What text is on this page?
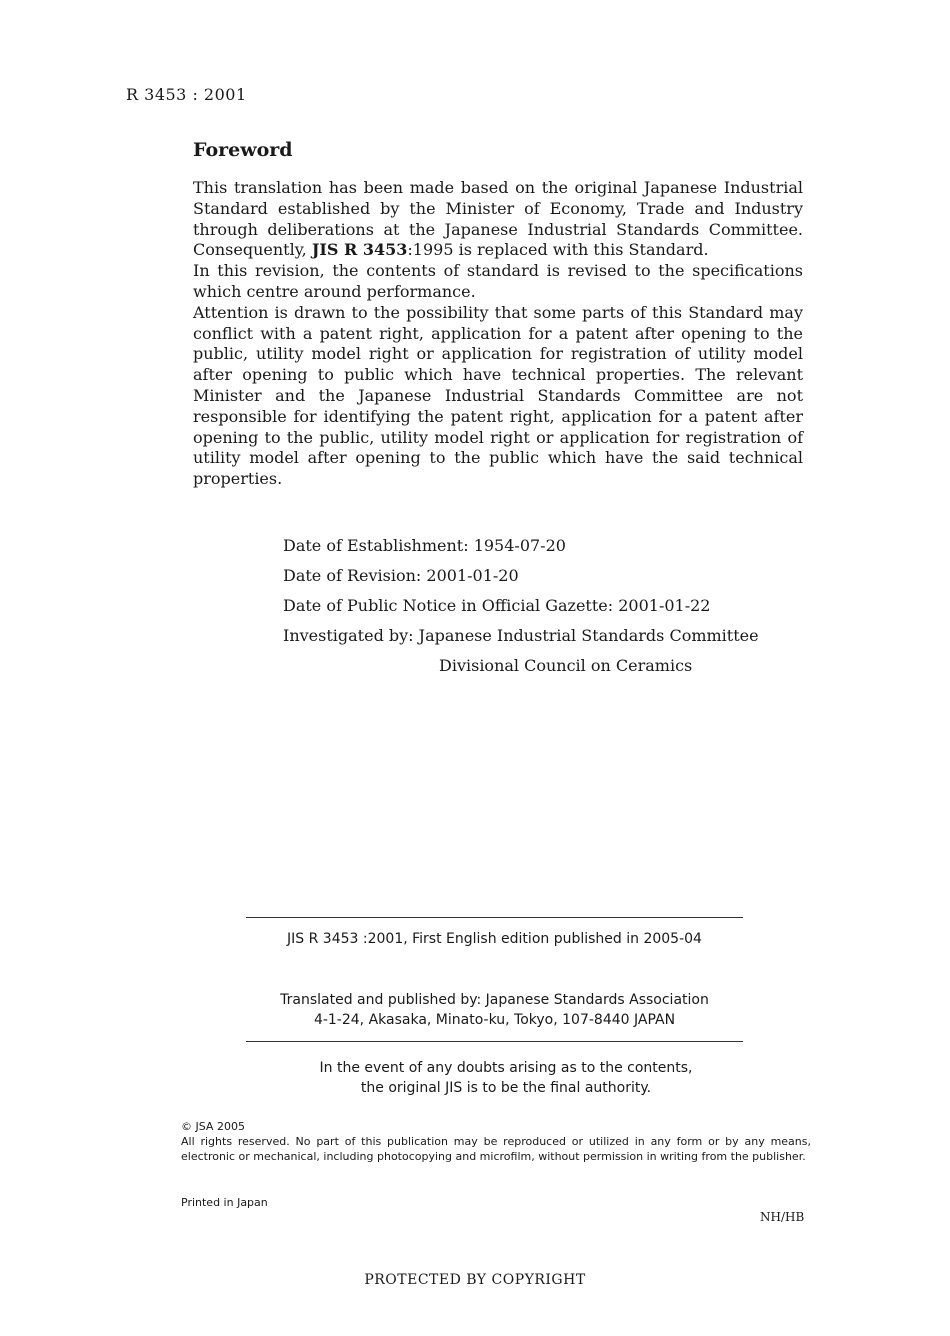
R 3453 : 2001
Foreword

This translation has been made based on the original Japanese Industrial Standard established by the Minister of Economy, Trade and Industry through deliberations at the Japanese Industrial Standards Committee. Consequently, JIS R 3453:1995 is replaced with this Standard.

In this revision, the contents of standard is revised to the specifications which centre around performance.

Attention is drawn to the possibility that some parts of this Standard may conflict with a patent right, application for a patent after opening to the public, utility model right or application for registration of utility model after opening to public which have technical properties. The relevant Minister and the Japanese Industrial Standards Committee are not responsible for identifying the patent right, application for a patent after opening to the public, utility model right or application for registration of utility model after opening to the public which have the said technical properties.

Date of Establishment: 1954-07-20
Date of Revision: 2001-01-20
Date of Public Notice in Official Gazette: 2001-01-22
Investigated by: Japanese Industrial Standards Committee
Divisional Council on Ceramics
JIS R 3453 :2001, First English edition published in 2005-04
Translated and published by: Japanese Standards Association
4-1-24, Akasaka, Minato-ku, Tokyo, 107-8440 JAPAN
In the event of any doubts arising as to the contents,
the original JIS is to be the final authority.
© JSA 2005
All rights reserved. No part of this publication may be reproduced or utilized in any form or by any means, electronic or mechanical, including photocopying and microfilm, without permission in writing from the publisher.
Printed in Japan
NH/HB
PROTECTED BY COPYRIGHT
